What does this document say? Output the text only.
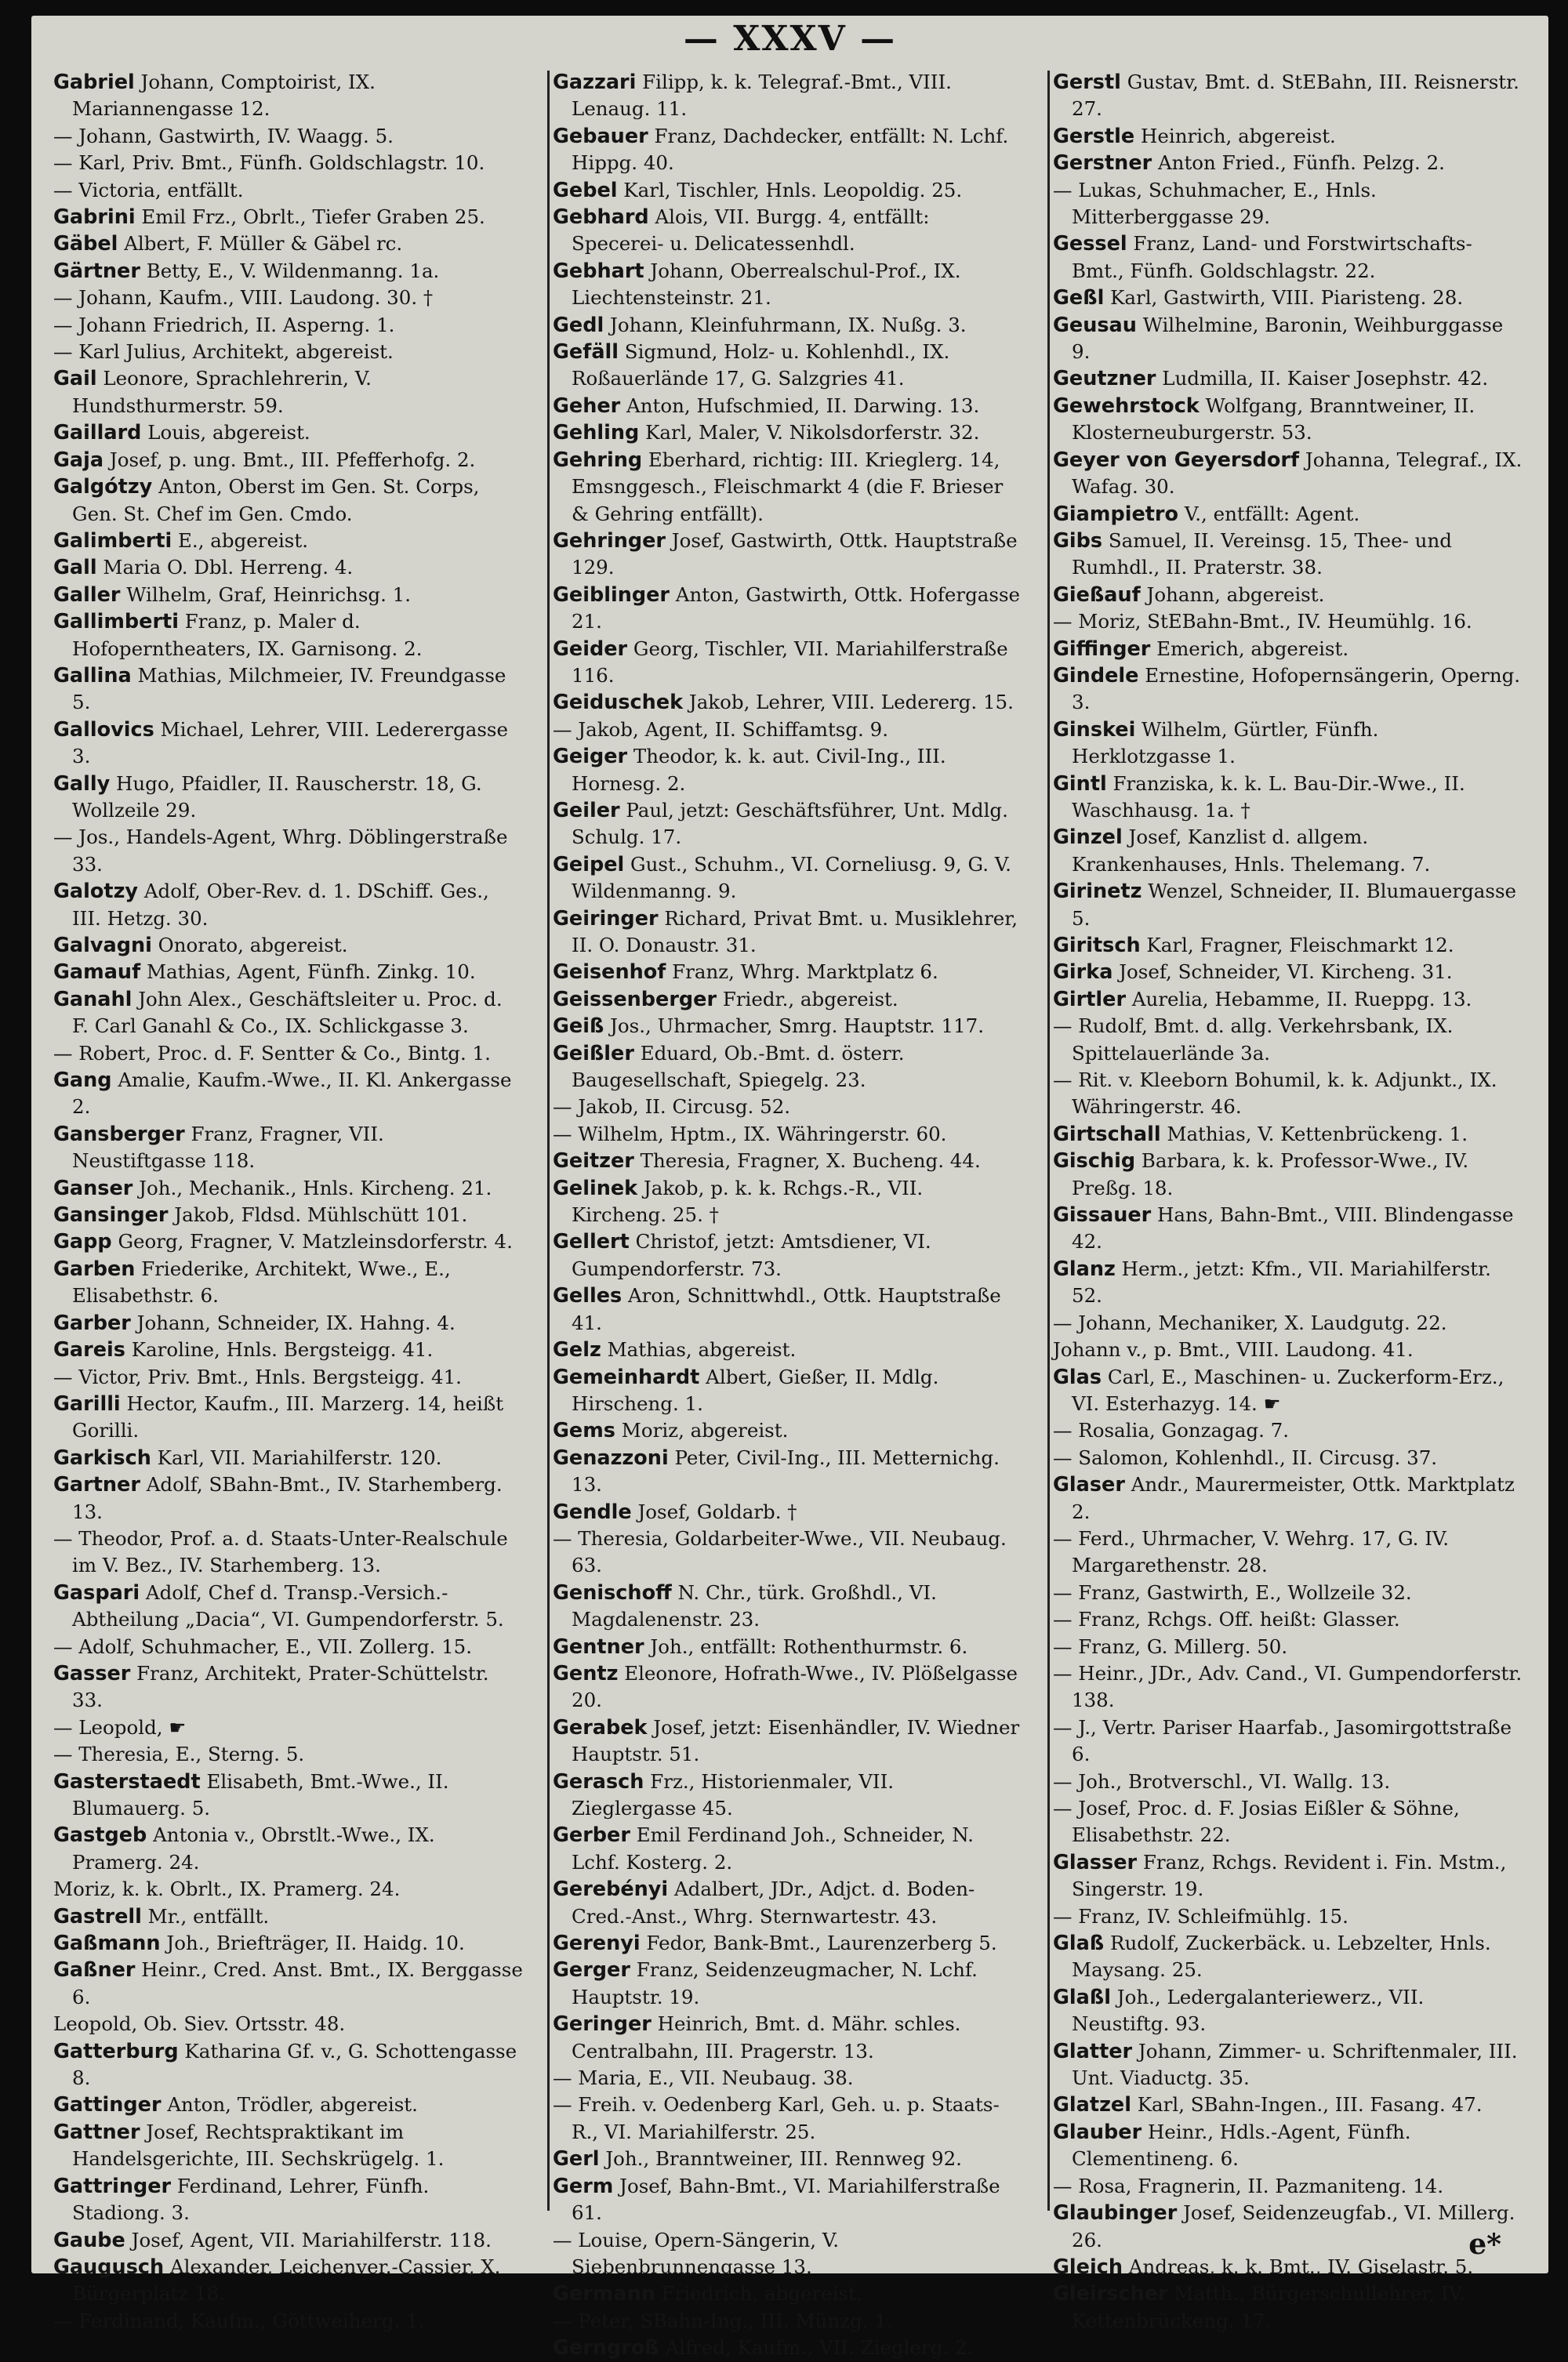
— XXXV —

Gabriel Johann, Comptoirist, IX. Mariannengasse 12.

— Johann, Gastwirth, IV. Waagg. 5.

— Karl, Priv. Bmt., Fünfh. Goldschlagstr. 10.

— Victoria, entfällt.

Gabrini Emil Frz., Obrlt., Tiefer Graben 25.

Gäbel Albert, F. Müller & Gäbel rc.

Gärtner Betty, E., V. Wildenmanng. 1a.

— Johann, Kaufm., VIII. Laudong. 30. †

— Johann Friedrich, II. Asperng. 1.

— Karl Julius, Architekt, abgereist.

Gail Leonore, Sprachlehrerin, V. Hundsthurmerstr. 59.

Gaillard Louis, abgereist.

Gaja Josef, p. ung. Bmt., III. Pfefferhofg. 2.

Galgótzy Anton, Oberst im Gen. St. Corps, Gen. St. Chef im Gen. Cmdo.

Galimberti E., abgereist.

Gall Maria O. Dbl. Herreng. 4.

Galler Wilhelm, Graf, Heinrichsg. 1.

Gallimberti Franz, p. Maler d. Hofoperntheaters, IX. Garnisong. 2.

Gallina Mathias, Milchmeier, IV. Freundgasse 5.

Gallovics Michael, Lehrer, VIII. Lederergasse 3.

Gally Hugo, Pfaidler, II. Rauscherstr. 18, G. Wollzeile 29.

— Jos., Handels-Agent, Whrg. Döblingerstraße 33.

Galotzy Adolf, Ober-Rev. d. 1. DSchiff. Ges., III. Hetzg. 30.

Galvagni Onorato, abgereist.

Gamauf Mathias, Agent, Fünfh. Zinkg. 10.

Ganahl John Alex., Geschäftsleiter u. Proc. d. F. Carl Ganahl & Co., IX. Schlickgasse 3.

— Robert, Proc. d. F. Sentter & Co., Bintg. 1.

Gang Amalie, Kaufm.-Wwe., II. Kl. Ankergasse 2.

Gansberger Franz, Fragner, VII. Neustiftgasse 118.

Ganser Joh., Mechanik., Hnls. Kircheng. 21.

Gansinger Jakob, Fldsd. Mühlschütt 101.

Gapp Georg, Fragner, V. Matzleinsdorferstr. 4.

Garben Friederike, Architekt, Wwe., E., Elisabethstr. 6.

Garber Johann, Schneider, IX. Hahng. 4.

Gareis Karoline, Hnls. Bergsteigg. 41.

— Victor, Priv. Bmt., Hnls. Bergsteigg. 41.

Garilli Hector, Kaufm., III. Marzerg. 14, heißt Gorilli.

Garkisch Karl, VII. Mariahilferstr. 120.

Gartner Adolf, SBahn-Bmt., IV. Starhemberg. 13.

— Theodor, Prof. a. d. Staats-Unter-Realschule im V. Bez., IV. Starhemberg. 13.

Gaspari Adolf, Chef d. Transp.-Versich.-Abtheilung „Dacia“, VI. Gumpendorferstr. 5.

— Adolf, Schuhmacher, E., VII. Zollerg. 15.

Gasser Franz, Architekt, Prater-Schüttelstr. 33.

— Leopold, ☛

— Theresia, E., Sterng. 5.

Gasterstaedt Elisabeth, Bmt.-Wwe., II. Blumauerg. 5.

Gastgeb Antonia v., Obrstlt.-Wwe., IX. Pramerg. 24.

Moriz, k. k. Obrlt., IX. Pramerg. 24.

Gastrell Mr., entfällt.

Gaßmann Joh., Briefträger, II. Haidg. 10.

Gaßner Heinr., Cred. Anst. Bmt., IX. Berggasse 6.

Leopold, Ob. Siev. Ortsstr. 48.

Gatterburg Katharina Gf. v., G. Schottengasse 8.

Gattinger Anton, Trödler, abgereist.

Gattner Josef, Rechtspraktikant im Handelsgerichte, III. Sechskrügelg. 1.

Gattringer Ferdinand, Lehrer, Fünfh. Stadiong. 3.

Gaube Josef, Agent, VII. Mariahilferstr. 118.

Gaugusch Alexander, Leichenver.-Cassier, X. Bürgerplatz 18.

— Ferdinand, Kaufm., Göttweiherg. 1.

Gazzari Filipp, k. k. Telegraf.-Bmt., VIII. Lenaug. 11.

Gebauer Franz, Dachdecker, entfällt: N. Lchf. Hippg. 40.

Gebel Karl, Tischler, Hnls. Leopoldig. 25.

Gebhard Alois, VII. Burgg. 4, entfällt: Specerei- u. Delicatessenhdl.

Gebhart Johann, Oberrealschul-Prof., IX. Liechtensteinstr. 21.

Gedl Johann, Kleinfuhrmann, IX. Nußg. 3.

Gefäll Sigmund, Holz- u. Kohlenhdl., IX. Roßauerlände 17, G. Salzgries 41.

Geher Anton, Hufschmied, II. Darwing. 13.

Gehling Karl, Maler, V. Nikolsdorferstr. 32.

Gehring Eberhard, richtig: III. Krieglerg. 14, Emsnggesch., Fleischmarkt 4 (die F. Brieser & Gehring entfällt).

Gehringer Josef, Gastwirth, Ottk. Hauptstraße 129.

Geiblinger Anton, Gastwirth, Ottk. Hofergasse 21.

Geider Georg, Tischler, VII. Mariahilferstraße 116.

Geiduschek Jakob, Lehrer, VIII. Ledererg. 15.

— Jakob, Agent, II. Schiffamtsg. 9.

Geiger Theodor, k. k. aut. Civil-Ing., III. Hornesg. 2.

Geiler Paul, jetzt: Geschäftsführer, Unt. Mdlg. Schulg. 17.

Geipel Gust., Schuhm., VI. Corneliusg. 9, G. V. Wildenmanng. 9.

Geiringer Richard, Privat Bmt. u. Musiklehrer, II. O. Donaustr. 31.

Geisenhof Franz, Whrg. Marktplatz 6.

Geissenberger Friedr., abgereist.

Geiß Jos., Uhrmacher, Smrg. Hauptstr. 117.

Geißler Eduard, Ob.-Bmt. d. österr. Baugesellschaft, Spiegelg. 23.

— Jakob, II. Circusg. 52.

— Wilhelm, Hptm., IX. Währingerstr. 60.

Geitzer Theresia, Fragner, X. Bucheng. 44.

Gelinek Jakob, p. k. k. Rchgs.-R., VII. Kircheng. 25. †

Gellert Christof, jetzt: Amtsdiener, VI. Gumpendorferstr. 73.

Gelles Aron, Schnittwhdl., Ottk. Hauptstraße 41.

Gelz Mathias, abgereist.

Gemeinhardt Albert, Gießer, II. Mdlg. Hirscheng. 1.

Gems Moriz, abgereist.

Genazzoni Peter, Civil-Ing., III. Metternichg. 13.

Gendle Josef, Goldarb. †

— Theresia, Goldarbeiter-Wwe., VII. Neubaug. 63.

Genischoff N. Chr., türk. Großhdl., VI. Magdalenenstr. 23.

Gentner Joh., entfällt: Rothenthurmstr. 6.

Gentz Eleonore, Hofrath-Wwe., IV. Plößelgasse 20.

Gerabek Josef, jetzt: Eisenhändler, IV. Wiedner Hauptstr. 51.

Gerasch Frz., Historienmaler, VII. Zieglergasse 45.

Gerber Emil Ferdinand Joh., Schneider, N. Lchf. Kosterg. 2.

Gerebényi Adalbert, JDr., Adjct. d. Boden-Cred.-Anst., Whrg. Sternwartestr. 43.

Gerenyi Fedor, Bank-Bmt., Laurenzerberg 5.

Gerger Franz, Seidenzeugmacher, N. Lchf. Hauptstr. 19.

Geringer Heinrich, Bmt. d. Mähr. schles. Centralbahn, III. Pragerstr. 13.

— Maria, E., VII. Neubaug. 38.

— Freih. v. Oedenberg Karl, Geh. u. p. Staats-R., VI. Mariahilferstr. 25.

Gerl Joh., Branntweiner, III. Rennweg 92.

Germ Josef, Bahn-Bmt., VI. Mariahilferstraße 61.

— Louise, Opern-Sängerin, V. Siebenbrunnengasse 13.

Germann Friedrich, abgereist.

— Peter, SBahn-Ing., III. Münzg. 1.

Gerngroß Alfred, Kaufm., VII. Zieglerg. 2.

Gerstl Gustav, Bmt. d. StEBahn, III. Reisnerstr. 27.

Gerstle Heinrich, abgereist.

Gerstner Anton Fried., Fünfh. Pelzg. 2.

— Lukas, Schuhmacher, E., Hnls. Mitterberggasse 29.

Gessel Franz, Land- und Forstwirtschafts-Bmt., Fünfh. Goldschlagstr. 22.

Geßl Karl, Gastwirth, VIII. Piaristeng. 28.

Geusau Wilhelmine, Baronin, Weihburggasse 9.

Geutzner Ludmilla, II. Kaiser Josephstr. 42.

Gewehrstock Wolfgang, Branntweiner, II. Klosterneuburgerstr. 53.

Geyer von Geyersdorf Johanna, Telegraf., IX. Wafag. 30.

Giampietro V., entfällt: Agent.

Gibs Samuel, II. Vereinsg. 15, Thee- und Rumhdl., II. Praterstr. 38.

Gießauf Johann, abgereist.

— Moriz, StEBahn-Bmt., IV. Heumühlg. 16.

Giffinger Emerich, abgereist.

Gindele Ernestine, Hofopernsängerin, Operng. 3.

Ginskei Wilhelm, Gürtler, Fünfh. Herklotzgasse 1.

Gintl Franziska, k. k. L. Bau-Dir.-Wwe., II. Waschhausg. 1a. †

Ginzel Josef, Kanzlist d. allgem. Krankenhauses, Hnls. Thelemang. 7.

Girinetz Wenzel, Schneider, II. Blumauergasse 5.

Giritsch Karl, Fragner, Fleischmarkt 12.

Girka Josef, Schneider, VI. Kircheng. 31.

Girtler Aurelia, Hebamme, II. Rueppg. 13.

— Rudolf, Bmt. d. allg. Verkehrsbank, IX. Spittelauerlände 3a.

— Rit. v. Kleeborn Bohumil, k. k. Adjunkt., IX. Währingerstr. 46.

Girtschall Mathias, V. Kettenbrückeng. 1.

Gischig Barbara, k. k. Professor-Wwe., IV. Preßg. 18.

Gissauer Hans, Bahn-Bmt., VIII. Blindengasse 42.

Glanz Herm., jetzt: Kfm., VII. Mariahilferstr. 52.

— Johann, Mechaniker, X. Laudgutg. 22.

Johann v., p. Bmt., VIII. Laudong. 41.

Glas Carl, E., Maschinen- u. Zuckerform-Erz., VI. Esterhazyg. 14. ☛

— Rosalia, Gonzagag. 7.

— Salomon, Kohlenhdl., II. Circusg. 37.

Glaser Andr., Maurermeister, Ottk. Marktplatz 2.

— Ferd., Uhrmacher, V. Wehrg. 17, G. IV. Margarethenstr. 28.

— Franz, Gastwirth, E., Wollzeile 32.

— Franz, Rchgs. Off. heißt: Glasser.

— Franz, G. Millerg. 50.

— Heinr., JDr., Adv. Cand., VI. Gumpendorferstr. 138.

— J., Vertr. Pariser Haarfab., Jasomirgottstraße 6.

— Joh., Brotverschl., VI. Wallg. 13.

— Josef, Proc. d. F. Josias Eißler & Söhne, Elisabethstr. 22.

Glasser Franz, Rchgs. Revident i. Fin. Mstm., Singerstr. 19.

— Franz, IV. Schleifmühlg. 15.

Glaß Rudolf, Zuckerbäck. u. Lebzelter, Hnls. Maysang. 25.

Glaßl Joh., Ledergalanteriewerz., VII. Neustiftg. 93.

Glatter Johann, Zimmer- u. Schriftenmaler, III. Unt. Viaductg. 35.

Glatzel Karl, SBahn-Ingen., III. Fasang. 47.

Glauber Heinr., Hdls.-Agent, Fünfh. Clementineng. 6.

— Rosa, Fragnerin, II. Pazmaniteng. 14.

Glaubinger Josef, Seidenzeugfab., VI. Millerg. 26.

Gleich Andreas, k. k. Bmt., IV. Giselastr. 5.

Gleirscher Matth., Bürgerschullehrer, IV. Kettenbrückeng. 17.

e*
